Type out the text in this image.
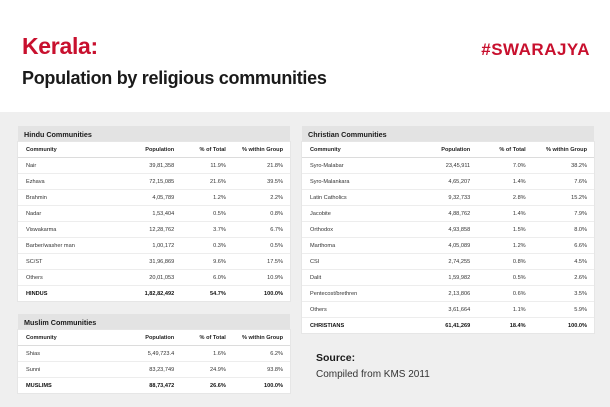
Kerala:
Population by religious communities
#SWARAJYA
Hindu Communities
Community	Population	% of Total	% within Group
Nair	39,81,358	11.9%	21.8%
Ezhava	72,15,085	21.6%	39.5%
Brahmin	4,05,789	1.2%	2.2%
Nadar	1,53,404	0.5%	0.8%
Viswakarma	12,28,762	3.7%	6.7%
Barber/washer man	1,00,172	0.3%	0.5%
SC/ST	31,96,869	9.6%	17.5%
Others	20,01,053	6.0%	10.9%
HINDUS	1,82,82,492	54.7%	100.0%
Muslim Communities
Community	Population	% of Total	% within Group
Shias	5,49,723.4	1.6%	6.2%
Sunni	83,23,749	24.9%	93.8%
MUSLIMS	88,73,472	26.6%	100.0%
Christian Communities
Community	Population	% of Total	% within Group
Syro-Malabar	23,45,911	7.0%	38.2%
Syro-Malankara	4,65,207	1.4%	7.6%
Latin Catholics	9,32,733	2.8%	15.2%
Jacobite	4,88,762	1.4%	7.9%
Orthodox	4,93,858	1.5%	8.0%
Marthoma	4,05,089	1.2%	6.6%
CSI	2,74,255	0.8%	4.5%
Dalit	1,59,982	0.5%	2.6%
Pentecost/brethren	2,13,806	0.6%	3.5%
Others	3,61,664	1.1%	5.9%
CHRISTIANS	61,41,269	18.4%	100.0%
Source:
Compiled from KMS 2011
